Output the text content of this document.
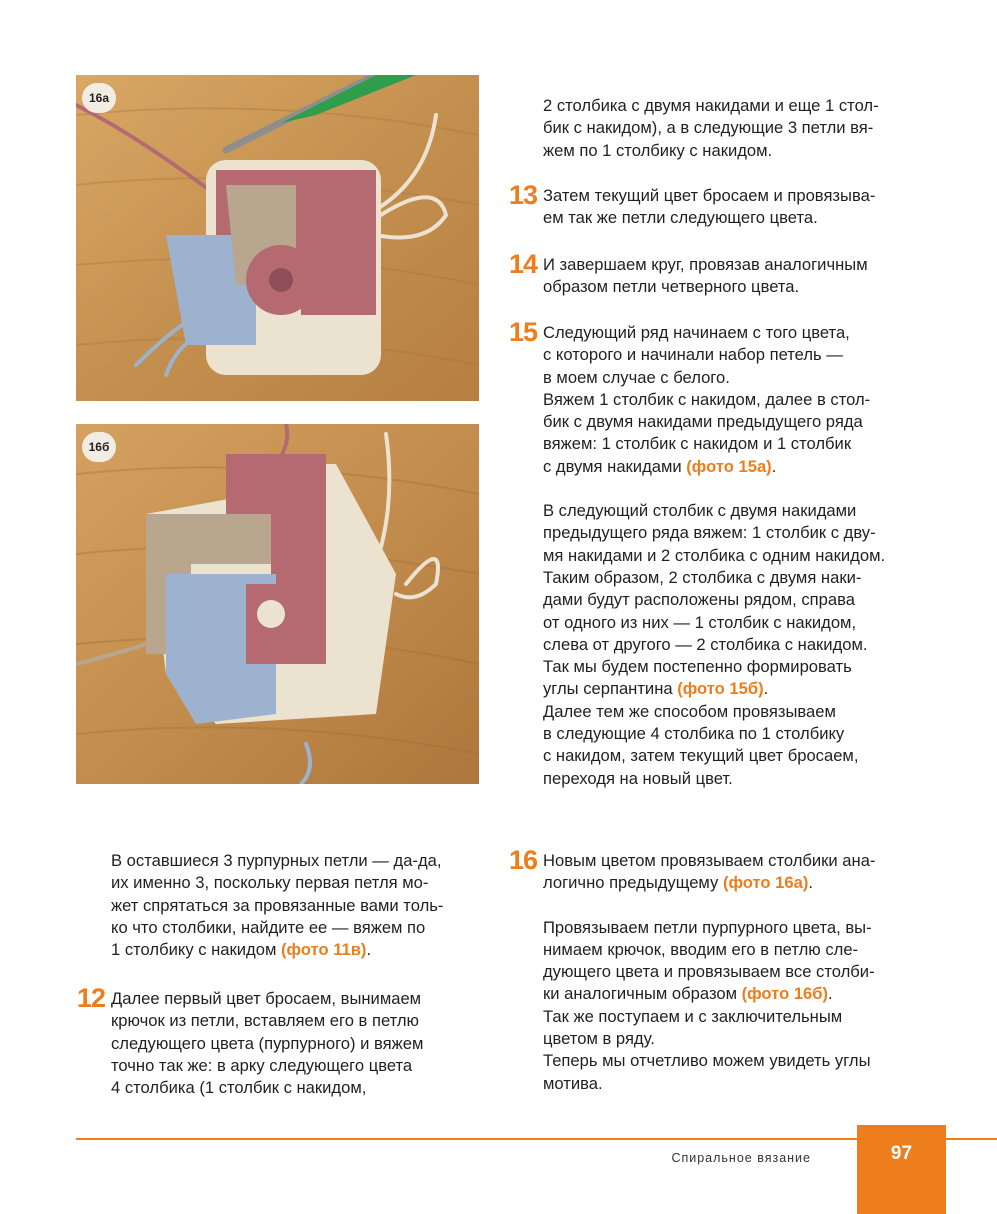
16а
16б
2 столбика с двумя накидами и еще 1 стол-
бик с накидом), а в следующие 3 петли вя-
жем по 1 столбику с накидом.
13 Затем текущий цвет бросаем и провязыва-
ем так же петли следующего цвета.
14 И завершаем круг, провязав аналогичным
образом петли четверного цвета.
15 Следующий ряд начинаем с того цвета,
с которого и начинали набор петель —
в моем случае с белого.
Вяжем 1 столбик с накидом, далее в стол-
бик с двумя накидами предыдущего ряда
вяжем: 1 столбик с накидом и 1 столбик
с двумя накидами (фото 15а).

В следующий столбик с двумя накидами
предыдущего ряда вяжем: 1 столбик с дву-
мя накидами и 2 столбика с одним накидом.
Таким образом, 2 столбика с двумя наки-
дами будут расположены рядом, справа
от одного из них — 1 столбик с накидом,
слева от другого — 2 столбика с накидом.
Так мы будем постепенно формировать
углы серпантина (фото 15б).
Далее тем же способом провязываем
в следующие 4 столбика по 1 столбику
с накидом, затем текущий цвет бросаем,
переходя на новый цвет.

В оставшиеся 3 пурпурных петли — да-да,
их именно 3, поскольку первая петля мо-
жет спрятаться за провязанные вами толь-
ко что столбики, найдите ее — вяжем по
1 столбику с накидом (фото 11в).
12 Далее первый цвет бросаем, вынимаем
крючок из петли, вставляем его в петлю
следующего цвета (пурпурного) и вяжем
точно так же: в арку следующего цвета
4 столбика (1 столбик с накидом,
16 Новым цветом провязываем столбики ана-
логично предыдущему (фото 16а).

Провязываем петли пурпурного цвета, вы-
нимаем крючок, вводим его в петлю сле-
дующего цвета и провязываем все столби-
ки аналогичным образом (фото 16б).
Так же поступаем и с заключительным
цветом в ряду.
Теперь мы отчетливо можем увидеть углы
мотива.

Спиральное вязание	97
